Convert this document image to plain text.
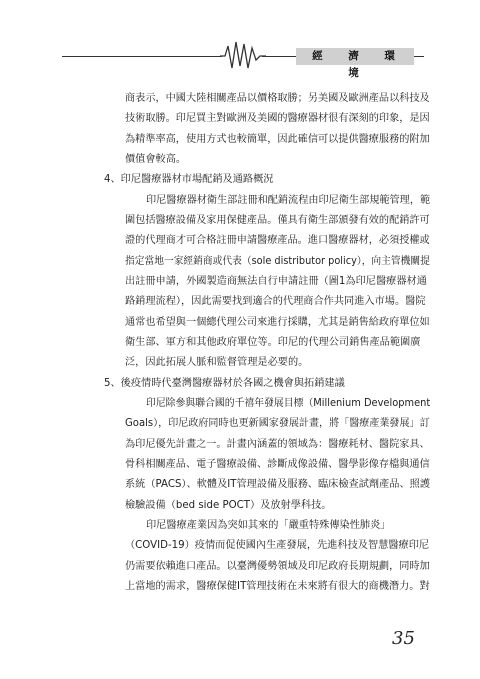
經 濟 環 境
商表示，中國大陸相關產品以價格取勝；另美國及歐洲產品以科技及
技術取勝。印尼買主對歐洲及美國的醫療器材很有深刻的印象，是因
為精準率高，使用方式也較簡單，因此確信可以提供醫療服務的附加
價值會較高。
4、印尼醫療器材市場配銷及通路概況
印尼醫療器材衛生部註冊和配銷流程由印尼衛生部規範管理，範
圍包括醫療設備及家用保健產品。僅具有衛生部頒發有效的配銷許可
證的代理商才可合格註冊申請醫療產品。進口醫療器材，必須授權或
指定當地一家經銷商或代表（sole distributor policy），向主管機關提
出註冊申請，外國製造商無法自行申請註冊（圖1為印尼醫療器材通
路銷理流程），因此需要找到適合的代理商合作共同進入市場。醫院
通常也希望與一個總代理公司來進行採購，尤其是銷售給政府單位如
衛生部、軍方和其他政府單位等。印尼的代理公司銷售產品範圍廣
泛，因此拓展人脈和監督管理是必要的。
5、後疫情時代臺灣醫療器材於各國之機會與拓銷建議
印尼除參與聯合國的千禧年發展目標（Millenium Development
Goals），印尼政府同時也更新國家發展計畫，將「醫療產業發展」訂
為印尼優先計畫之一。計畫內涵蓋的領域為：醫療耗材、醫院家具、
骨科相關產品、電子醫療設備、診斷成像設備、醫學影像存檔與通信
系統（PACS）、軟體及IT管理設備及服務、臨床檢查試劑產品、照護
檢驗設備（bed side POCT）及放射學科技。
印尼醫療產業因為突如其來的「嚴重特殊傳染性肺炎」
（COVID-19）疫情而促使國內生產發展，先進科技及智慧醫療印尼
仍需要依賴進口產品。以臺灣優勢領域及印尼政府長期規劃，同時加
上當地的需求，醫療保健IT管理技術在未來將有很大的商機潛力。對
35
